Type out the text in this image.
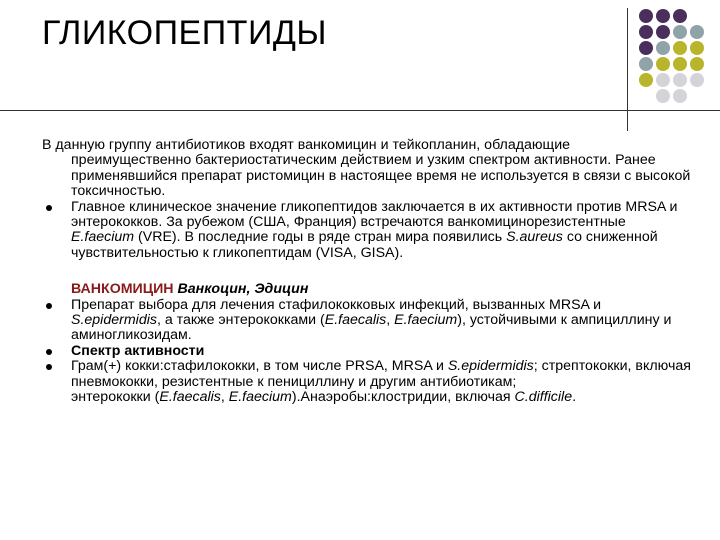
ГЛИКОПЕПТИДЫ
В данную группу антибиотиков входят ванкомицин и тейкопланин, обладающие
преимущественно бактериостатическим действием и узким спектром активности. Ранее применявшийся препарат ристомицин в настоящее время не используется в связи с высокой токсичностью.
Главное клиническое значение гликопептидов заключается в их активности против MRSA и энтерококков. За рубежом (США, Франция) встречаются ванкомицинорезистентные E.faecium (VRE). В последние годы в ряде стран мира появились S.aureus со сниженной чувствительностью к гликопептидам (VISA, GISA).
ВАНКОМИЦИН Ванкоцин, Эдицин
Препарат выбора для лечения стафилококковых инфекций, вызванных MRSA и S.epidermidis, а также энтерококками (E.faecalis, E.faecium), устойчивыми к ампициллину и аминогликозидам.
Спектр активности
Грам(+) кокки:стафилококки, в том числе PRSA, MRSA и S.epidermidis; стрептококки, включая пневмококки, резистентные к пенициллину и другим антибиотикам;
энтерококки (E.faecalis, E.faecium).Анаэробы:клостридии, включая C.difficile.
